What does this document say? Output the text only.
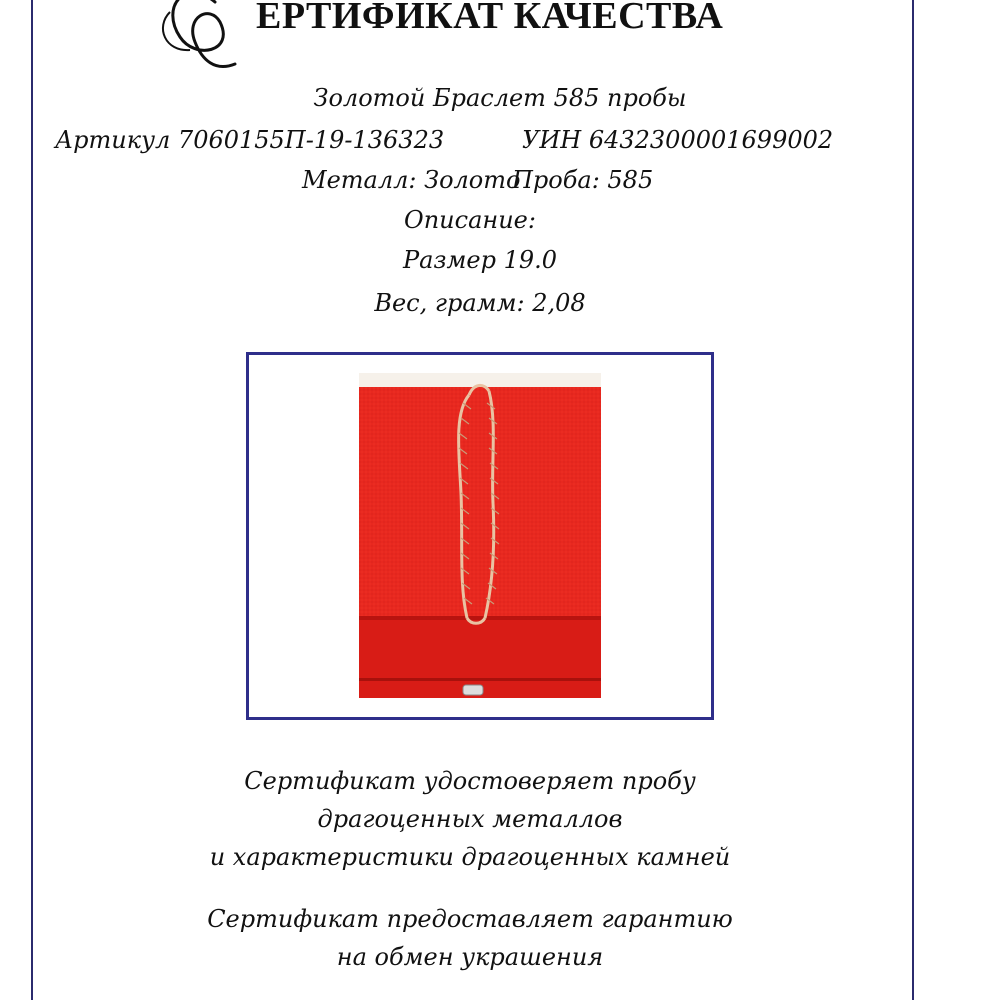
ЕРТИФИКАТ КАЧЕСТВА
Золотой Браслет 585 пробы
Артикул 7060155П-19-136323	УИН 6432300001699002
Металл: Золото
Проба: 585
Описание:
Размер 19.0
Вес, грамм: 2,08
Сертификат удостоверяет пробу
драгоценных металлов
и характеристики драгоценных камней
Сертификат предоставляет гарантию
на обмен украшения
